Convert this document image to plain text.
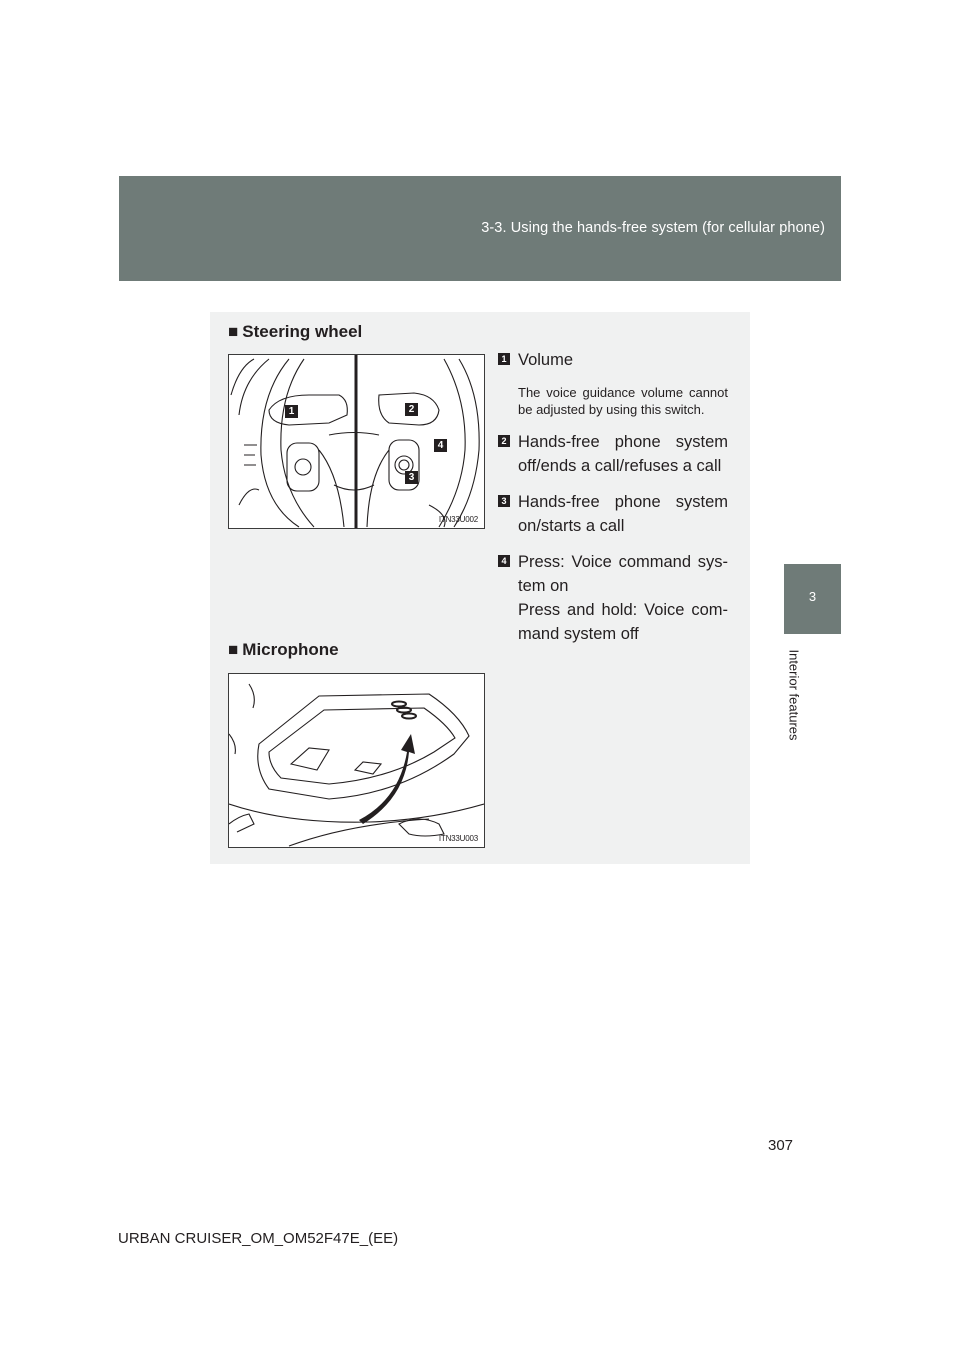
3-3. Using the hands-free system (for cellular phone)
3
Interior features
■ Steering wheel
1	2
3
4
ITN33U002
1 Volume
The voice guidance volume cannot be adjusted by using this switch.
2 Hands-free phone system off/ends a call/refuses a call
3 Hands-free phone system on/starts a call
4 Press: Voice command sys-tem on
Press and hold: Voice com-mand system off
■ Microphone
ITN33U003
307
URBAN CRUISER_OM_OM52F47E_(EE)
